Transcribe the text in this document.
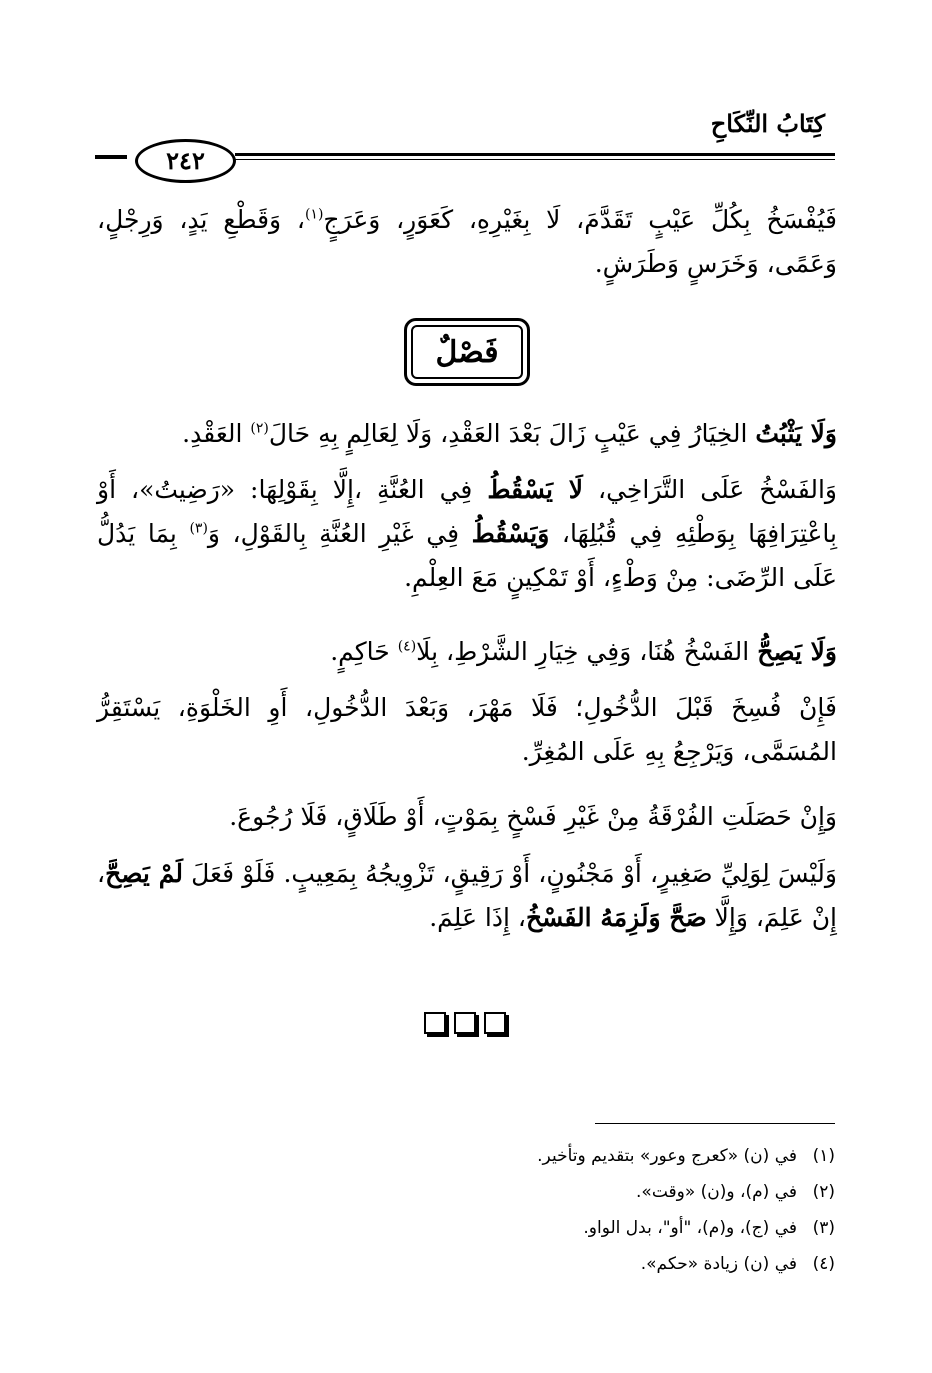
كِتَابُ النِّكَاحِ
٢٤٢
فَيُفْسَخُ بِكُلِّ عَيْبٍ تَقَدَّمَ، لَا بِغَيْرِهِ، كَعَوَرٍ، وَعَرَجٍ$^{(١)}$، وَقَطْعِ يَدٍ، وَرِجْلٍ، وَعَمًى، وَخَرَسٍ وَطَرَشٍ.
فَصْلٌ
وَلَا يَثْبُتُ الخِيَارُ فِي عَيْبٍ زَالَ بَعْدَ العَقْدِ، وَلَا لِعَالِمٍ بِهِ حَالَ$^{(٢)}$ العَقْدِ.
وَالفَسْخُ عَلَى التَّرَاخِي، لَا يَسْقُطُ فِي العُنَّةِ ،إِلَّا بِقَوْلِهَا: «رَضِيتُ»، أَوْ بِاعْتِرَافِهَا بِوَطْئِهِ فِي قُبُلِهَا، وَيَسْقُطُ فِي غَيْرِ العُنَّةِ بِالقَوْلِ، وَ$^{(٣)}$ بِمَا يَدُلُّ عَلَى الرِّضَى: مِنْ وَطْءٍ، أَوْ تَمْكِينٍ مَعَ العِلْمِ.
وَلَا يَصِحُّ الفَسْخُ هُنَا، وَفِي خِيَارِ الشَّرْطِ، بِلَا$^{(٤)}$ حَاكِمٍ.
فَإِنْ فُسِخَ قَبْلَ الدُّخُولِ؛ فَلَا مَهْرَ، وَبَعْدَ الدُّخُولِ، أَوِ الخَلْوَةِ، يَسْتَقِرُّ المُسَمَّى، وَيَرْجِعُ بِهِ عَلَى المُغِرِّ.
وَإِنْ حَصَلَتِ الفُرْقَةُ مِنْ غَيْرِ فَسْخٍ بِمَوْتٍ، أَوْ طَلَاقٍ، فَلَا رُجُوعَ.
وَلَيْسَ لِوَلِيِّ صَغِيرٍ، أَوْ مَجْنُونٍ، أَوْ رَقِيقٍ، تَزْوِيجُهُ بِمَعِيبٍ. فَلَوْ فَعَلَ لَمْ يَصِحَّ، إِنْ عَلِمَ، وَإِلَّا صَحَّ وَلَزِمَهُ الفَسْخُ، إِذَا عَلِمَ.
(١)في (ن) «كعرج وعور» بتقديم وتأخير.
(٢)في (م)، و(ن) «وقت».
(٣)في (ج)، و(م)، "أو"، بدل الواو.
(٤)في (ن) زيادة «حكم».
